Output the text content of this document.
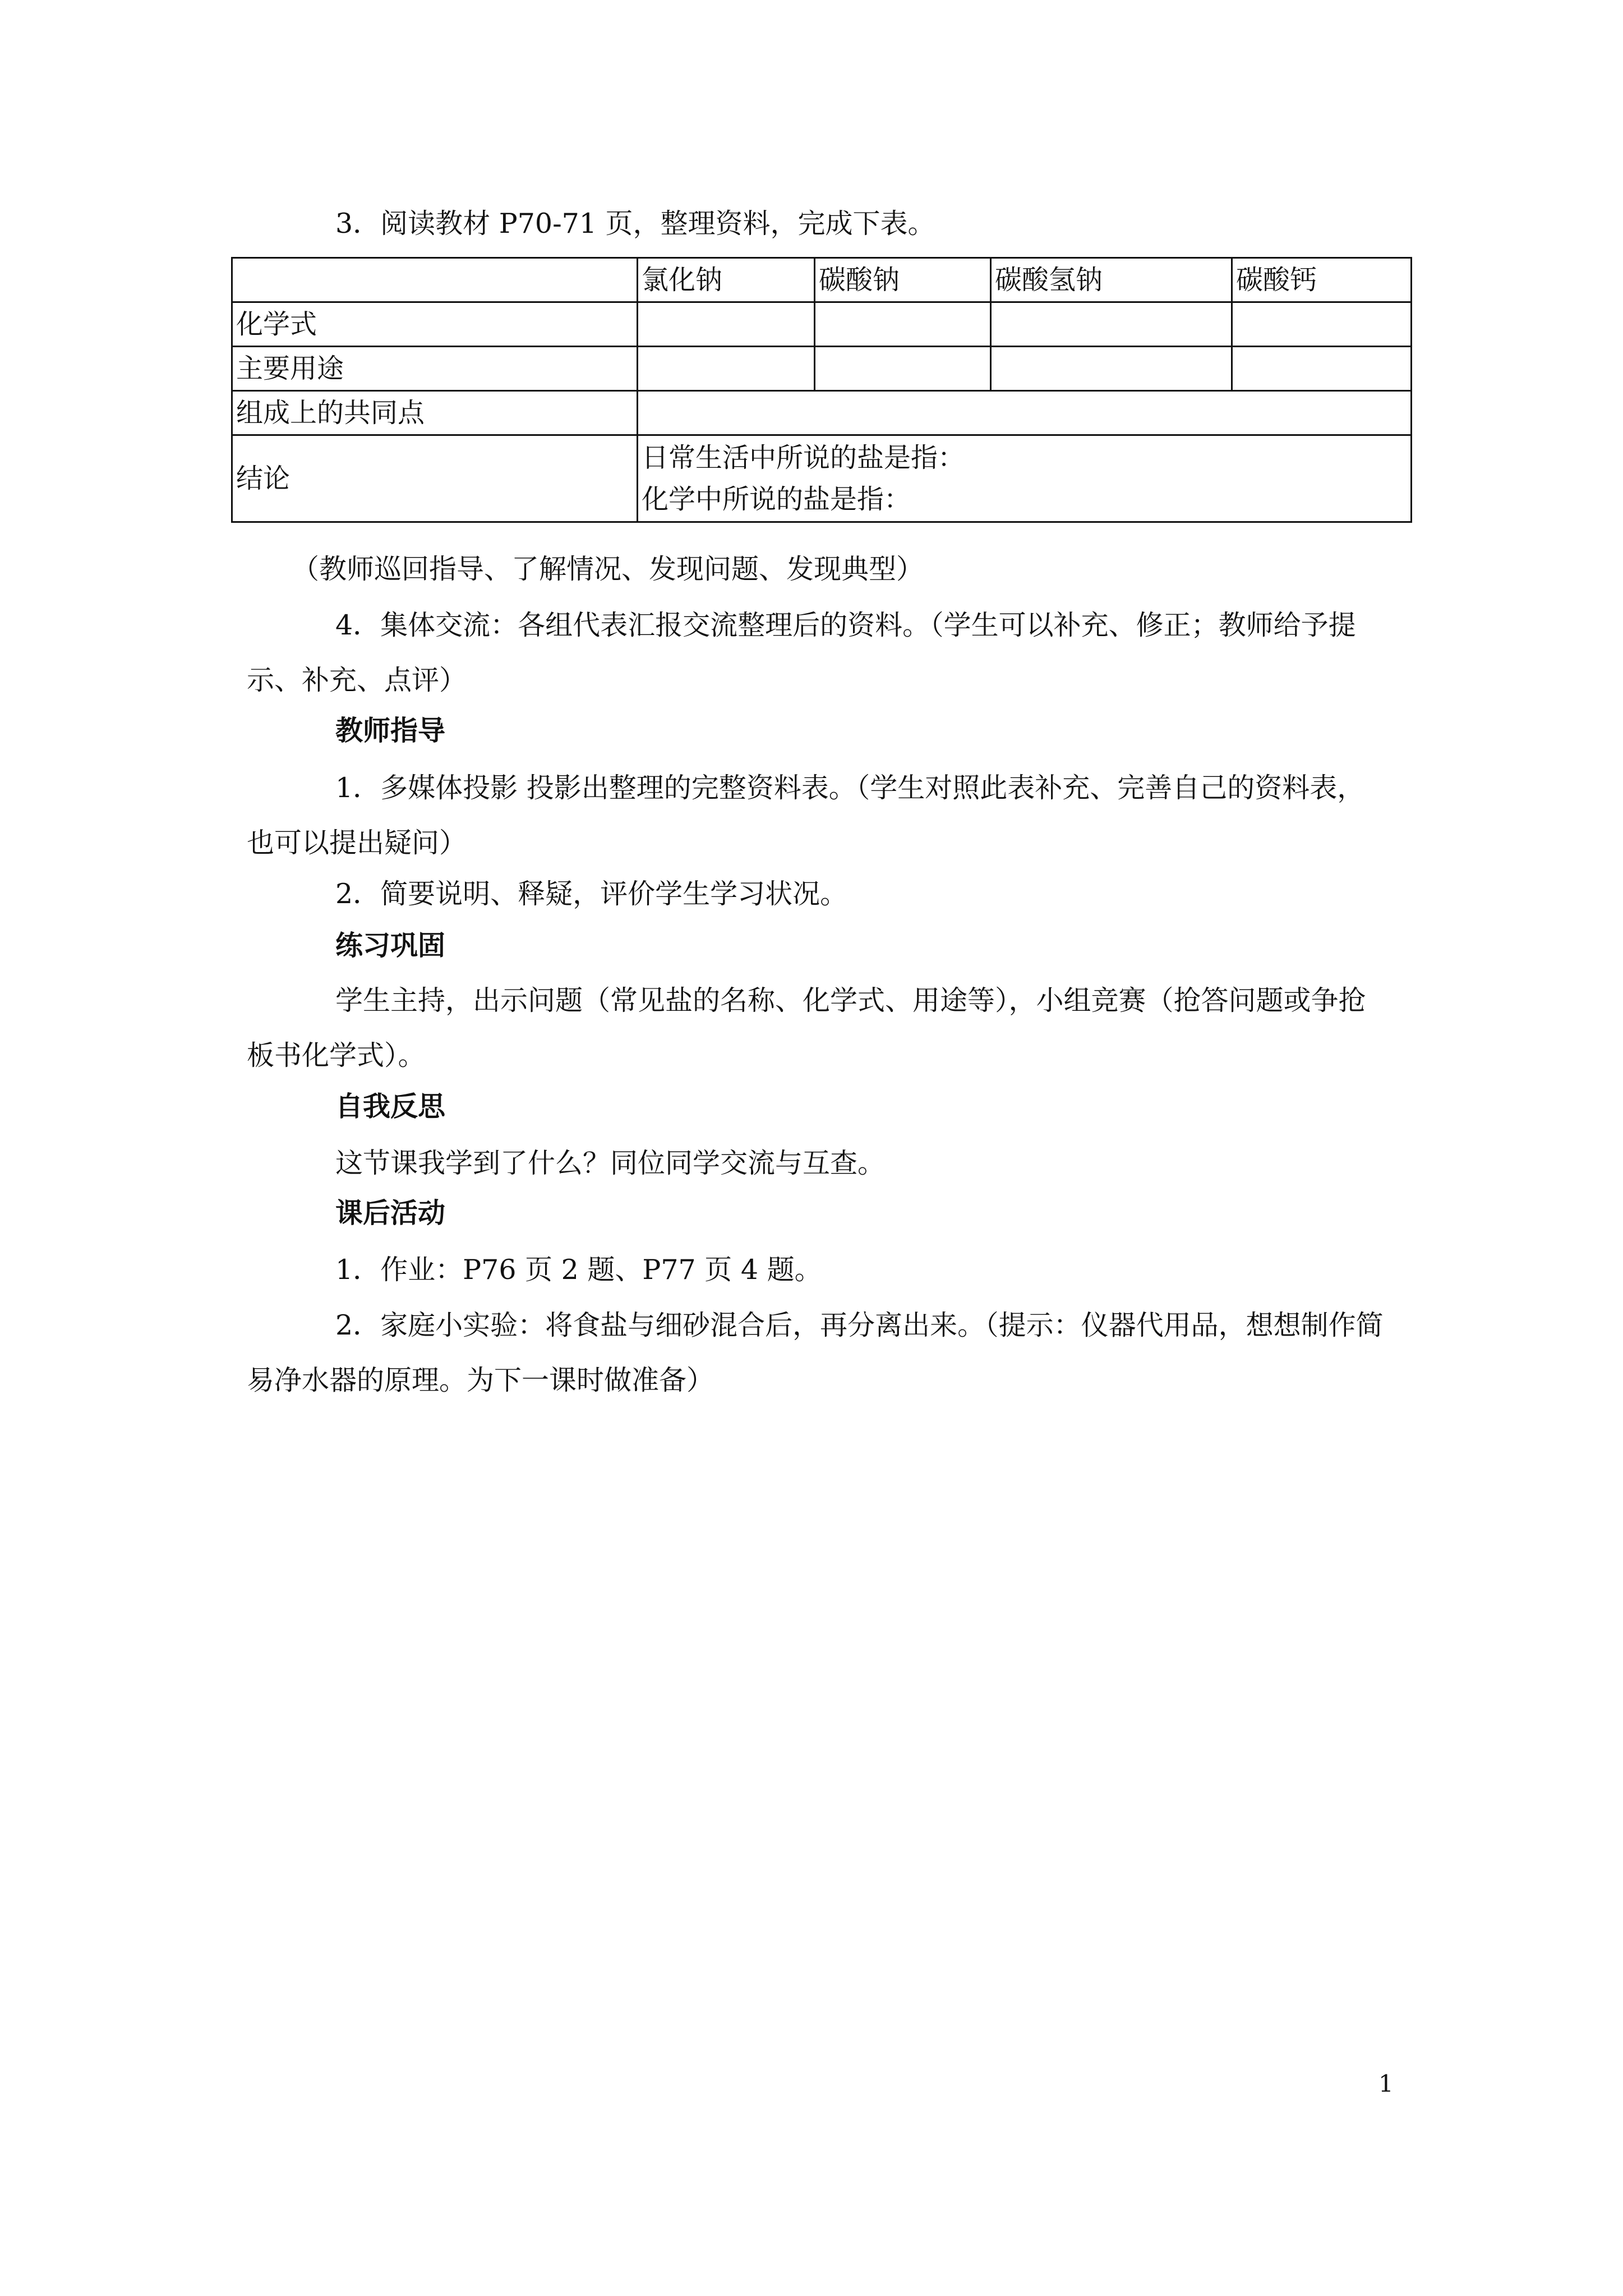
3．阅读教材 P70-71 页，整理资料，完成下表。

	氯化钠	碳酸钠	碳酸氢钠	碳酸钙
化学式				
主要用途				
组成上的共同点				
结论	日常生活中所说的盐是指：
化学中所说的盐是指：			

（教师巡回指导、了解情况、发现问题、发现典型）

4．集体交流：各组代表汇报交流整理后的资料。（学生可以补充、修正；教师给予提示、补充、点评）

教师指导

1．多媒体投影 投影出整理的完整资料表。（学生对照此表补充、完善自己的资料表，也可以提出疑问）

2．简要说明、释疑，评价学生学习状况。

练习巩固

学生主持，出示问题（常见盐的名称、化学式、用途等），小组竞赛（抢答问题或争抢板书化学式）。

自我反思

这节课我学到了什么？同位同学交流与互查。

课后活动

1．作业：P76 页 2 题、P77 页 4 题。

2．家庭小实验：将食盐与细砂混合后，再分离出来。（提示：仪器代用品，想想制作简易净水器的原理。为下一课时做准备）

1
